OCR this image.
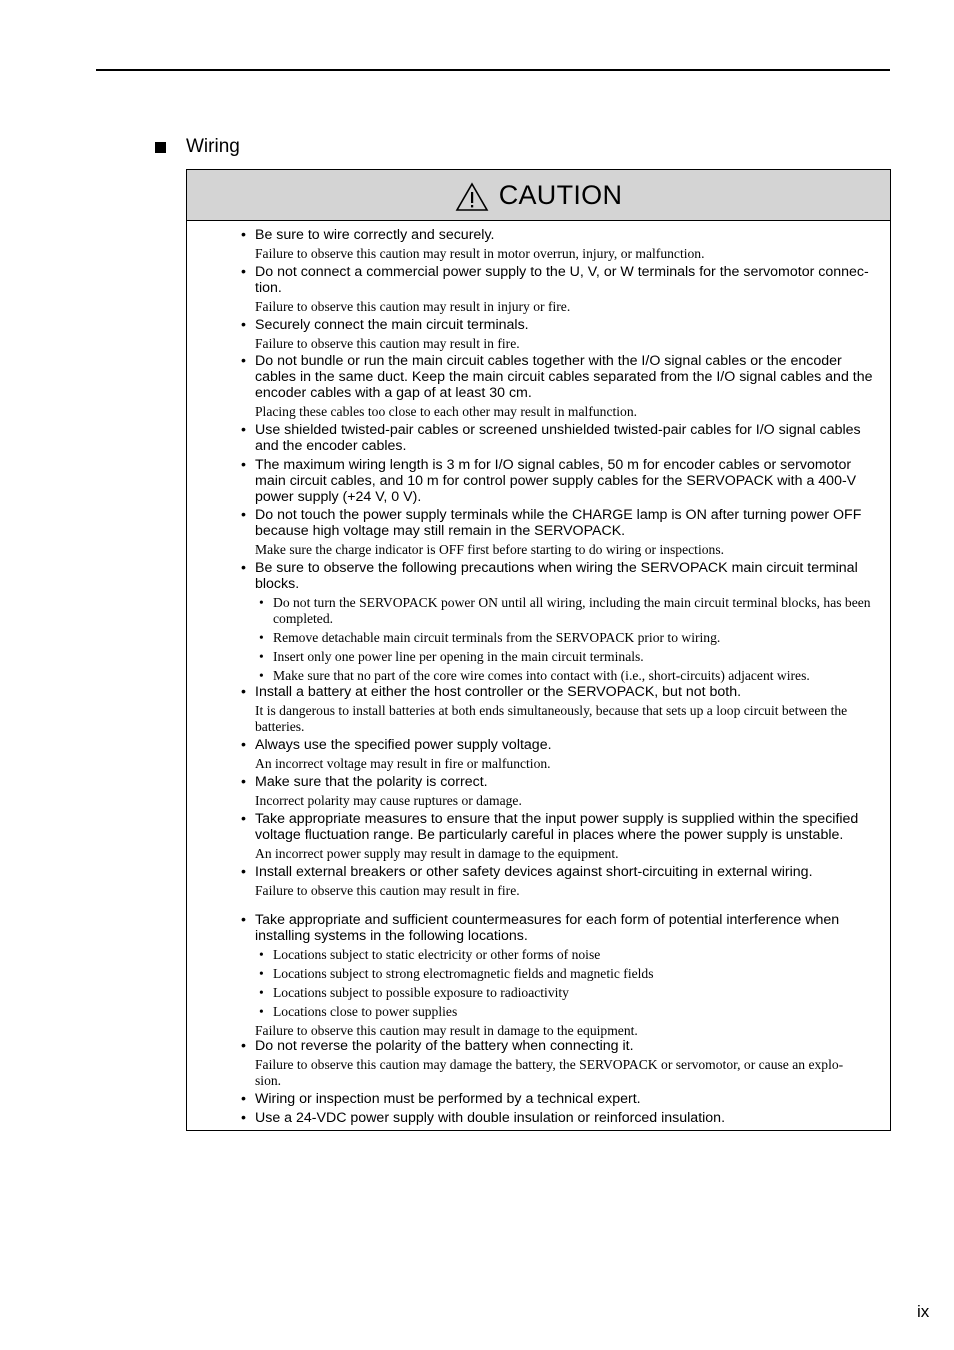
Wiring
CAUTION
• Be sure to wire correctly and securely.
Failure to observe this caution may result in motor overrun, injury, or malfunction.
• Do not connect a commercial power supply to the U, V, or W terminals for the servomotor connec-
tion.
Failure to observe this caution may result in injury or fire.
• Securely connect the main circuit terminals.
Failure to observe this caution may result in fire.
• Do not bundle or run the main circuit cables together with the I/O signal cables or the encoder cables in the same duct. Keep the main circuit cables separated from the I/O signal cables and the encoder cables with a gap of at least 30 cm.
Placing these cables too close to each other may result in malfunction.
• Use shielded twisted-pair cables or screened unshielded twisted-pair cables for I/O signal cables and the encoder cables.
• The maximum wiring length is 3 m for I/O signal cables, 50 m for encoder cables or servomotor main circuit cables, and 10 m for control power supply cables for the SERVOPACK with a 400-V power supply (+24 V, 0 V).
• Do not touch the power supply terminals while the CHARGE lamp is ON after turning power OFF because high voltage may still remain in the SERVOPACK.
Make sure the charge indicator is OFF first before starting to do wiring or inspections.
• Be sure to observe the following precautions when wiring the SERVOPACK main circuit terminal blocks.
• Do not turn the SERVOPACK power ON until all wiring, including the main circuit terminal blocks, has been completed.
• Remove detachable main circuit terminals from the SERVOPACK prior to wiring.
• Insert only one power line per opening in the main circuit terminals.
• Make sure that no part of the core wire comes into contact with (i.e., short-circuits) adjacent wires.
• Install a battery at either the host controller or the SERVOPACK, but not both.
It is dangerous to install batteries at both ends simultaneously, because that sets up a loop circuit between the batteries.
• Always use the specified power supply voltage.
An incorrect voltage may result in fire or malfunction.
• Make sure that the polarity is correct.
Incorrect polarity may cause ruptures or damage.
• Take appropriate measures to ensure that the input power supply is supplied within the specified voltage fluctuation range. Be particularly careful in places where the power supply is unstable.
An incorrect power supply may result in damage to the equipment.
• Install external breakers or other safety devices against short-circuiting in external wiring.
Failure to observe this caution may result in fire.
• Take appropriate and sufficient countermeasures for each form of potential interference when installing systems in the following locations.
• Locations subject to static electricity or other forms of noise
• Locations subject to strong electromagnetic fields and magnetic fields
• Locations subject to possible exposure to radioactivity
• Locations close to power supplies
Failure to observe this caution may result in damage to the equipment.
• Do not reverse the polarity of the battery when connecting it.
Failure to observe this caution may damage the battery, the SERVOPACK or servomotor, or cause an explo-
sion.
• Wiring or inspection must be performed by a technical expert.
• Use a 24-VDC power supply with double insulation or reinforced insulation.
ix
